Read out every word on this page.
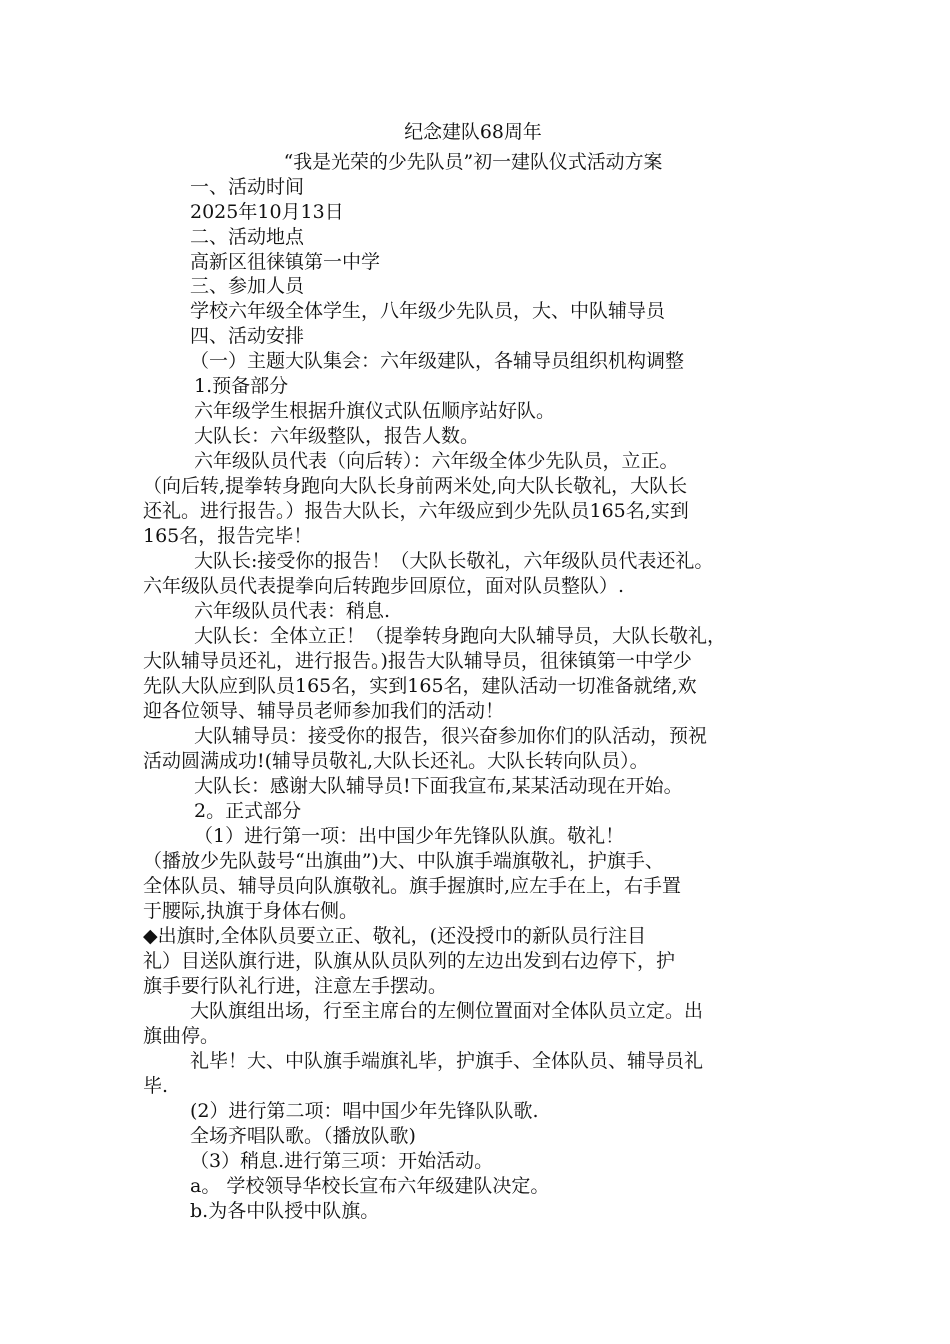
纪念建队68周年
“我是光荣的少先队员”初一建队仪式活动方案
一、活动时间
2025年10月13日
二、活动地点
高新区徂徕镇第一中学
三、参加人员
学校六年级全体学生，八年级少先队员，大、中队辅导员
四、活动安排
（一）主题大队集会：六年级建队，各辅导员组织机构调整
1.预备部分
六年级学生根据升旗仪式队伍顺序站好队。
大队长：六年级整队，报告人数。
六年级队员代表（向后转）：六年级全体少先队员，立正。
（向后转,提拳转身跑向大队长身前两米处,向大队长敬礼，大队长
还礼。进行报告。）报告大队长，六年级应到少先队员165名,实到
165名，报告完毕！
大队长:接受你的报告！（大队长敬礼，六年级队员代表还礼。
六年级队员代表提拳向后转跑步回原位，面对队员整队）.
六年级队员代表：稍息.
大队长：全体立正！（提拳转身跑向大队辅导员，大队长敬礼，
大队辅导员还礼，进行报告。)报告大队辅导员，徂徕镇第一中学少
先队大队应到队员165名，实到165名，建队活动一切准备就绪,欢
迎各位领导、辅导员老师参加我们的活动！
大队辅导员：接受你的报告，很兴奋参加你们的队活动，预祝
活动圆满成功!(辅导员敬礼,大队长还礼。大队长转向队员）。
大队长：感谢大队辅导员!下面我宣布,某某活动现在开始。
2。正式部分
（1）进行第一项：出中国少年先锋队队旗。敬礼！
（播放少先队鼓号“出旗曲”)大、中队旗手端旗敬礼，护旗手、
全体队员、辅导员向队旗敬礼。旗手握旗时,应左手在上，右手置
于腰际,执旗于身体右侧。
◆出旗时,全体队员要立正、敬礼，(还没授巾的新队员行注目
礼）目送队旗行进，队旗从队员队列的左边出发到右边停下，护
旗手要行队礼行进，注意左手摆动。
大队旗组出场，行至主席台的左侧位置面对全体队员立定。出
旗曲停。
礼毕！大、中队旗手端旗礼毕，护旗手、全体队员、辅导员礼
毕.
(2）进行第二项：唱中国少年先锋队队歌.
全场齐唱队歌。（播放队歌)
（3）稍息.进行第三项：开始活动。
a。 学校领导华校长宣布六年级建队决定。
b.为各中队授中队旗。
